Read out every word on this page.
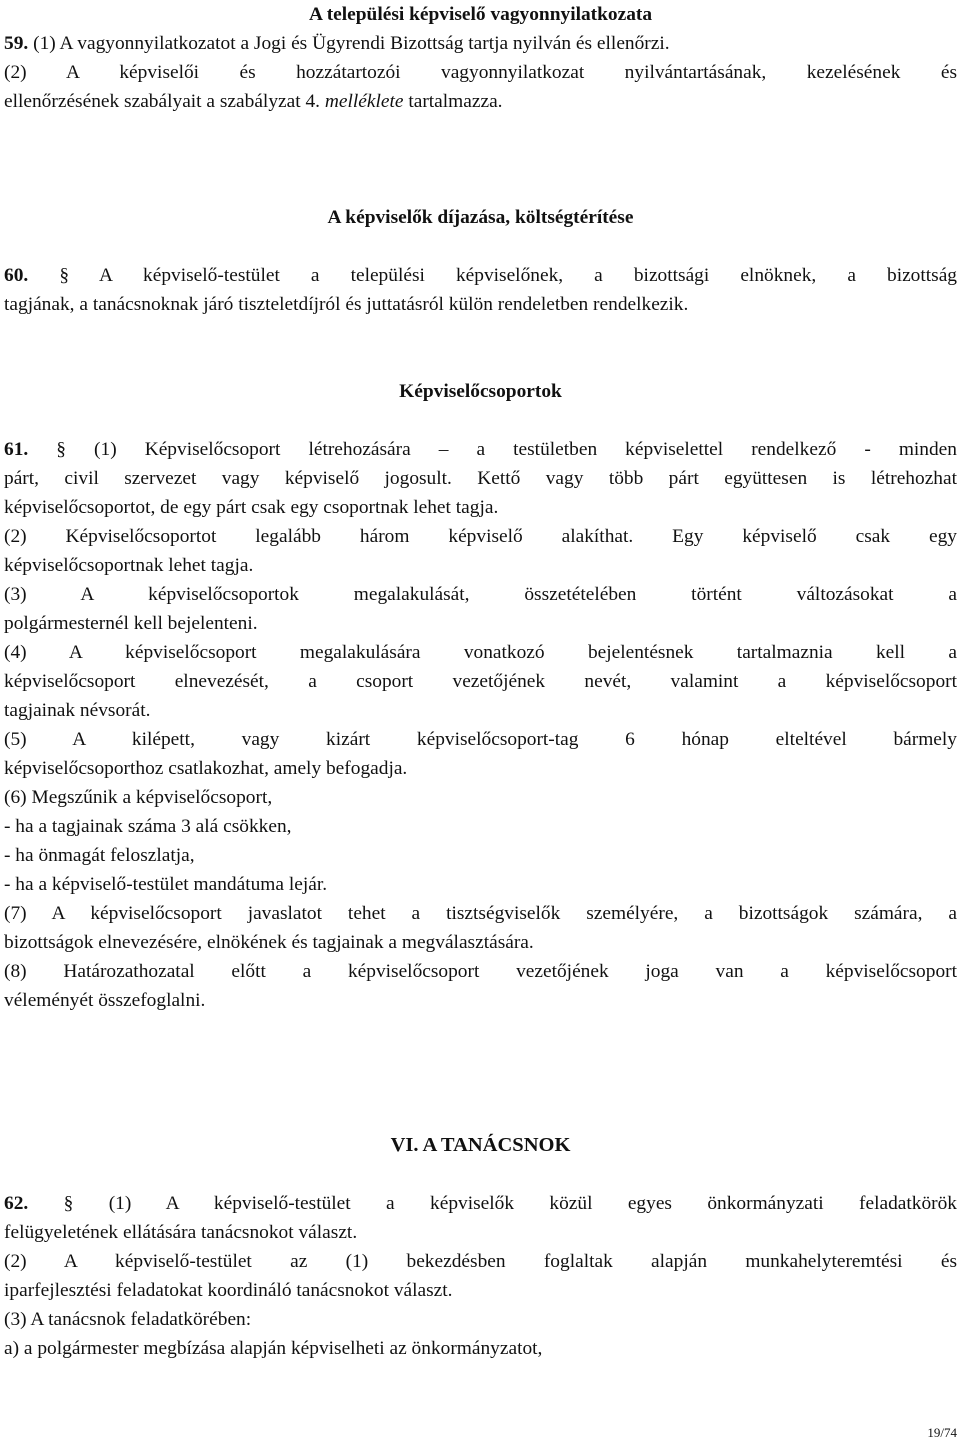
A települési képviselő vagyonnyilatkozata
59. (1) A vagyonnyilatkozatot a Jogi és Ügyrendi Bizottság tartja nyilván és ellenőrzi.
(2) A képviselői és hozzátartozói vagyonnyilatkozat nyilvántartásának, kezelésének és
ellenőrzésének szabályait a szabályzat 4. melléklete tartalmazza.
A képviselők díjazása, költségtérítése
60. § A képviselő-testület a települési képviselőnek, a bizottsági elnöknek, a bizottság
tagjának, a tanácsnoknak járó tiszteletdíjról és juttatásról külön rendeletben rendelkezik.
Képviselőcsoportok
61. § (1) Képviselőcsoport létrehozására – a testületben képviselettel rendelkező - minden
párt, civil szervezet vagy képviselő jogosult. Kettő vagy több párt együttesen is létrehozhat
képviselőcsoportot, de egy párt csak egy csoportnak lehet tagja.
(2) Képviselőcsoportot legalább három képviselő alakíthat. Egy képviselő csak egy
képviselőcsoportnak lehet tagja.
(3) A képviselőcsoportok megalakulását, összetételében történt változásokat a
polgármesternél kell bejelenteni.
(4) A képviselőcsoport megalakulására vonatkozó bejelentésnek tartalmaznia kell a
képviselőcsoport elnevezését, a csoport vezetőjének nevét, valamint a képviselőcsoport
tagjainak névsorát.
(5) A kilépett, vagy kizárt képviselőcsoport-tag 6 hónap elteltével bármely
képviselőcsoporthoz csatlakozhat, amely befogadja.
(6) Megszűnik a képviselőcsoport,
- ha a tagjainak száma 3 alá csökken,
- ha önmagát feloszlatja,
- ha a képviselő-testület mandátuma lejár.
(7) A képviselőcsoport javaslatot tehet a tisztségviselők személyére, a bizottságok számára, a
bizottságok elnevezésére, elnökének és tagjainak a megválasztására.
(8) Határozathozatal előtt a képviselőcsoport vezetőjének joga van a képviselőcsoport
véleményét összefoglalni.
VI. A TANÁCSNOK
62. § (1) A képviselő-testület a képviselők közül egyes önkormányzati feladatkörök
felügyeletének ellátására tanácsnokot választ.
(2) A képviselő-testület az (1) bekezdésben foglaltak alapján munkahelyteremtési és
iparfejlesztési feladatokat koordináló tanácsnokot választ.
(3) A tanácsnok feladatkörében:
a) a polgármester megbízása alapján képviselheti az önkormányzatot,
19/74
